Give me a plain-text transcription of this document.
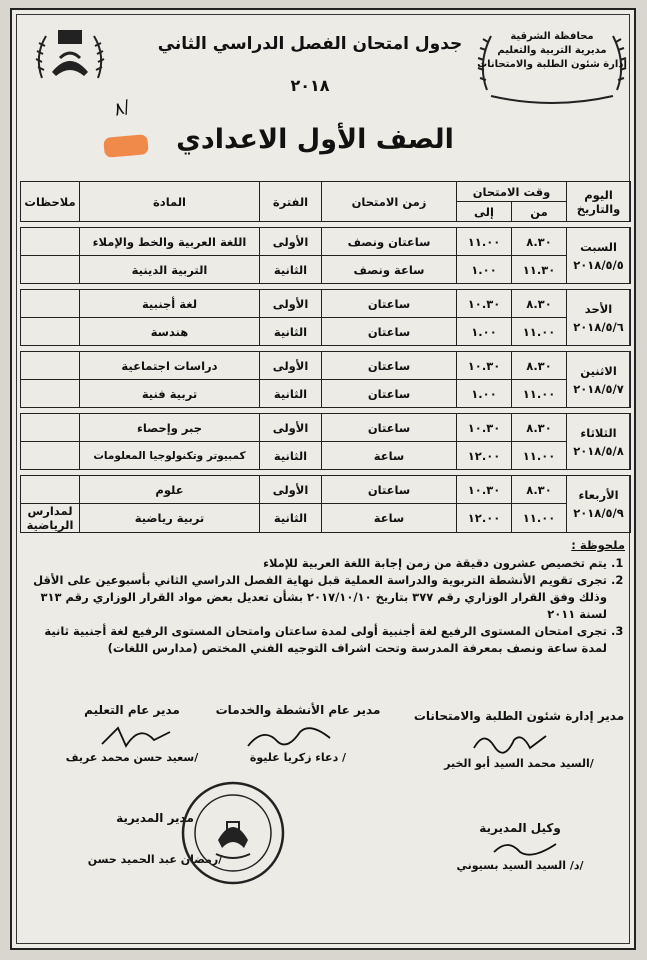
محافظة الشرقية
مديرية التربية والتعليم
إدارة شئون الطلبة والامتحانات
جدول امتحان الفصل الدراسي الثاني
٢٠١٨
٨/
الصف الأول الاعدادي
اليوم والتاريخ	وقت الامتحان		زمن الامتحان	الفترة	المادة	ملاحظات
	من	إلى				

السبت
٢٠١٨/٥/٥	٨.٣٠	١١.٠٠	ساعتان ونصف	الأولى	اللغة العربية والخط والإملاء	
	١١.٣٠	١.٠٠	ساعة ونصف	الثانية	التربية الدينية	

الأحد
٢٠١٨/٥/٦	٨.٣٠	١٠.٣٠	ساعتان	الأولى	لغة أجنبية	
	١١.٠٠	١.٠٠	ساعتان	الثانية	هندسة	

الاثنين
٢٠١٨/٥/٧	٨.٣٠	١٠.٣٠	ساعتان	الأولى	دراسات اجتماعية	
	١١.٠٠	١.٠٠	ساعتان	الثانية	تربية فنية	

الثلاثاء
٢٠١٨/٥/٨	٨.٣٠	١٠.٣٠	ساعتان	الأولى	جبر وإحصاء	
	١١.٠٠	١٢.٠٠	ساعة	الثانية	كمبيوتر وتكنولوجيا المعلومات	

الأربعاء
٢٠١٨/٥/٩	٨.٣٠	١٠.٣٠	ساعتان	الأولى	علوم	
	١١.٠٠	١٢.٠٠	ساعة	الثانية	تربية رياضية	لمدارس الرياضية
ملحوظة :
1. يتم تخصيص عشرون دقيقة من زمن إجابة اللغة العربية للإملاء
2. تجرى تقويم الأنشطة التربوية والدراسة العملية قبل نهاية الفصل الدراسي الثاني بأسبوعين على الأقل وذلك وفق القرار الوزاري رقم ٣٧٧ بتاريخ ٢٠١٧/١٠/١٠ بشأن تعديل بعض مواد القرار الوزاري رقم ٣١٣ لسنة ٢٠١١
3. تجرى امتحان المستوى الرفيع لغة أجنبية أولى لمدة ساعتان وامتحان المستوى الرفيع لغة أجنبية ثانية لمدة ساعة ونصف بمعرفة المدرسة وتحت اشراف التوجيه الفني المختص (مدارس اللغات)
مدير إدارة شئون الطلبة والامتحانات
/السيد محمد السيد أبو الخير
مدير عام الأنشطة والخدمات
/ دعاء زكريا عليوة
مدير عام التعليم
/سعيد حسن محمد عريف
وكيل المديرية
/د/ السيد السيد بسيوني
مدير المديرية
/رمضان عبد الحميد حسن
